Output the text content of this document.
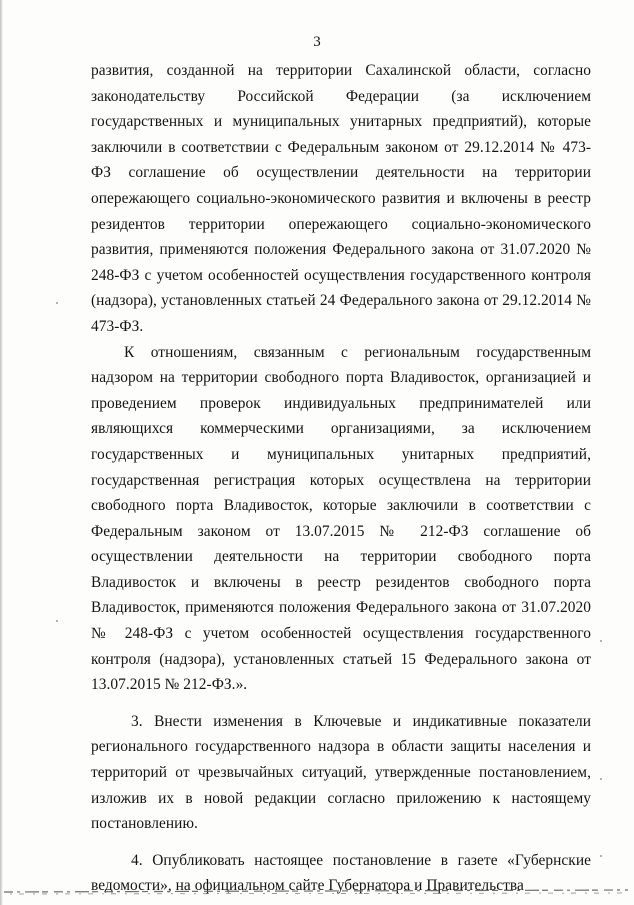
3

развития, созданной на территории Сахалинской области, согласно законодательству Российской Федерации (за исключением государственных и муниципальных унитарных предприятий), которые заключили в соответствии с Федеральным законом от 29.12.2014 № 473-ФЗ соглашение об осуществлении деятельности на территории опережающего социально-экономического развития и включены в реестр резидентов территории опережающего социально-экономического развития, применяются положения Федерального закона от 31.07.2020 № 248-ФЗ с учетом особенностей осуществления государственного контроля (надзора), установленных статьей 24 Федерального закона от 29.12.2014 № 473-ФЗ.

К отношениям, связанным с региональным государственным надзором на территории свободного порта Владивосток, организацией и проведением проверок индивидуальных предпринимателей или являющихся коммерческими организациями, за исключением государственных и муниципальных унитарных предприятий, государственная регистрация которых осуществлена на территории свободного порта Владивосток, которые заключили в соответствии с Федеральным законом от 13.07.2015 № 212-ФЗ соглашение об осуществлении деятельности на территории свободного порта Владивосток и включены в реестр резидентов свободного порта Владивосток, применяются положения Федерального закона от 31.07.2020 № 248-ФЗ с учетом особенностей осуществления государственного контроля (надзора), установленных статьей 15 Федерального закона от 13.07.2015 № 212-ФЗ.».

3. Внести изменения в Ключевые и индикативные показатели регионального государственного надзора в области защиты населения и территорий от чрезвычайных ситуаций, утвержденные постановлением, изложив их в новой редакции согласно приложению к настоящему постановлению.

4. Опубликовать настоящее постановление в газете «Губернские ведомости», на официальном сайте Губернатора и Правительства
